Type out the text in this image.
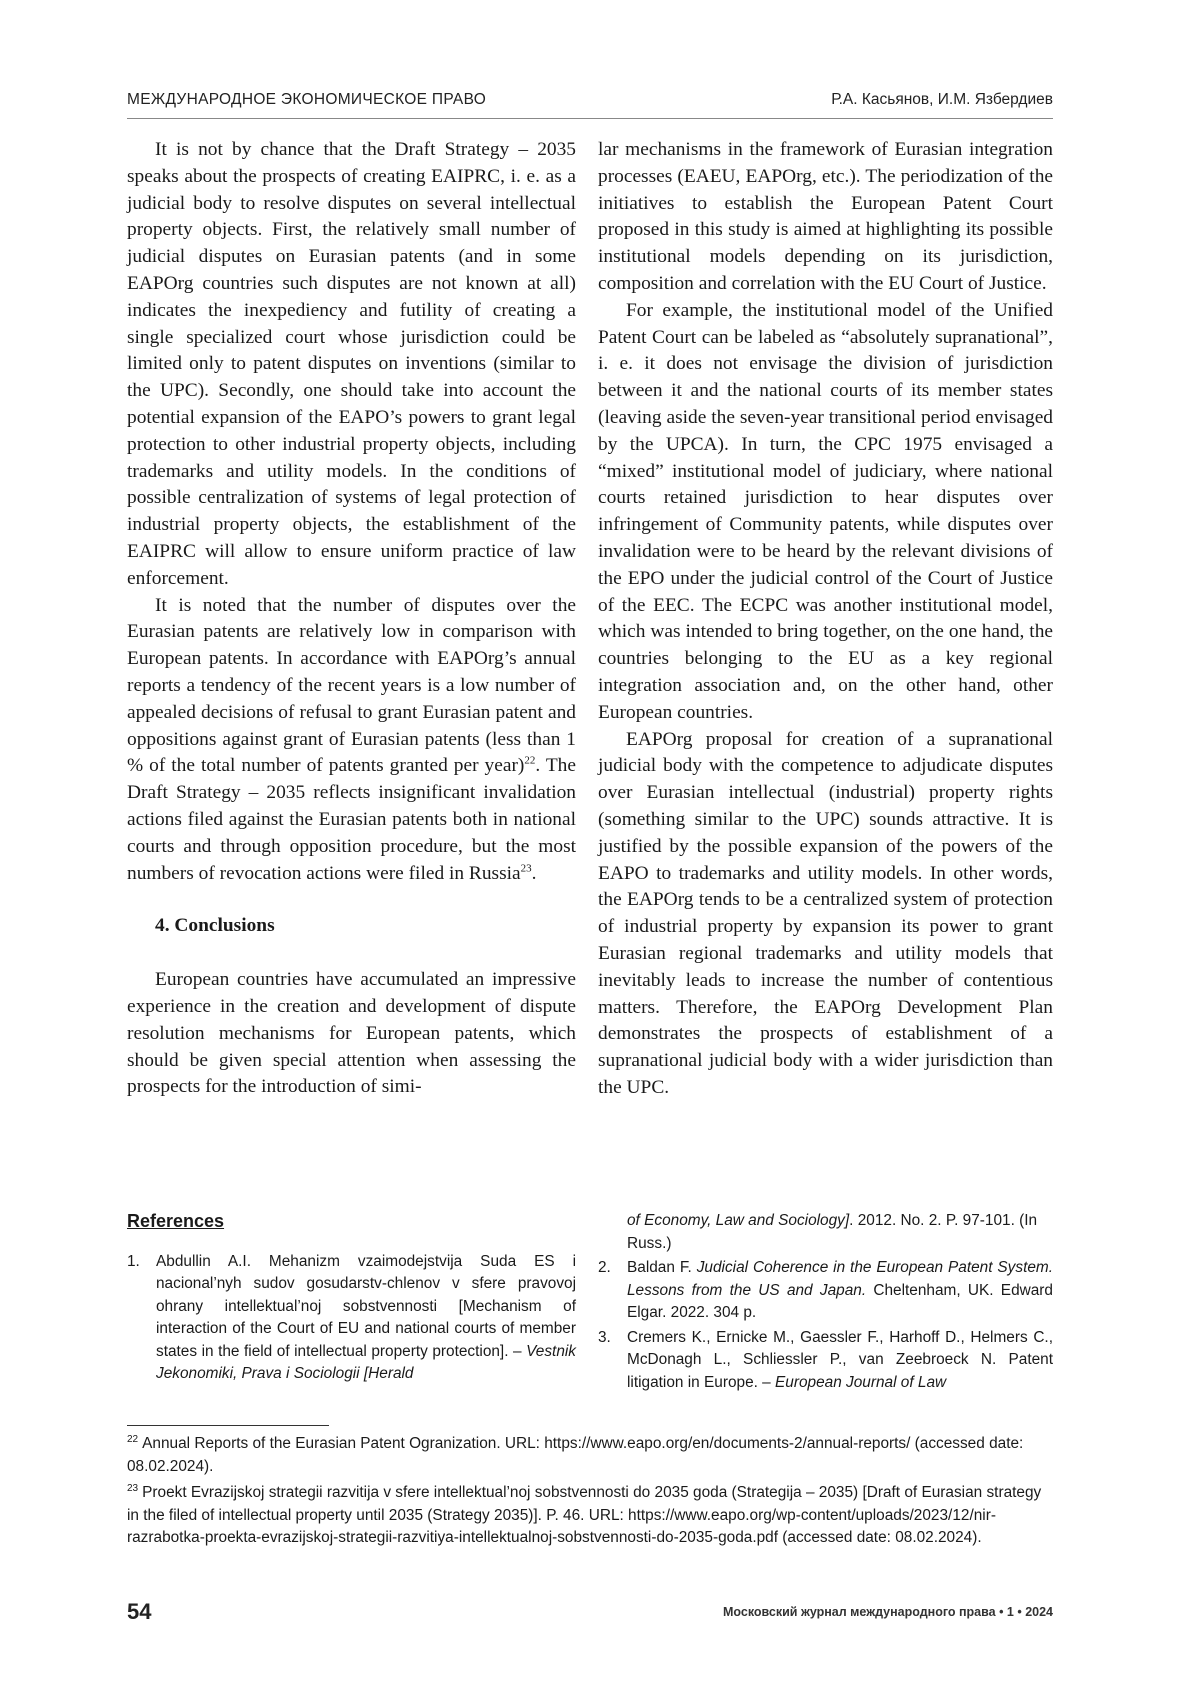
МЕЖДУНАРОДНОЕ ЭКОНОМИЧЕСКОЕ ПРАВО	Р.А. Касьянов, И.М. Язбердиев

It is not by chance that the Draft Strategy – 2035 speaks about the prospects of creating EAIPRC, i. e. as a judicial body to resolve disputes on several intellectual property objects. First, the relatively small number of judicial disputes on Eurasian patents (and in some EAPOrg countries such disputes are not known at all) indicates the inexpediency and futility of creating a single specialized court whose jurisdiction could be limited only to patent disputes on inventions (similar to the UPC). Secondly, one should take into account the potential expansion of the EAPO’s powers to grant legal protection to other industrial property objects, including trademarks and utility models. In the conditions of possible centralization of systems of legal protection of industrial property objects, the establishment of the EAIPRC will allow to ensure uniform practice of law enforcement.

It is noted that the number of disputes over the Eurasian patents are relatively low in comparison with European patents. In accordance with EAPOrg’s annual reports a tendency of the recent years is a low number of appealed decisions of refusal to grant Eurasian patent and oppositions against grant of Eurasian patents (less than 1 % of the total number of patents granted per year)$^{22}$. The Draft Strategy – 2035 reflects insignificant invalidation actions filed against the Eurasian patents both in national courts and through opposition procedure, but the most numbers of revocation actions were filed in Russia$^{23}$.

4. Conclusions

European countries have accumulated an impressive experience in the creation and development of dispute resolution mechanisms for European patents, which should be given special attention when assessing the prospects for the introduction of simi-

lar mechanisms in the framework of Eurasian integration processes (EAEU, EAPOrg, etc.). The periodization of the initiatives to establish the European Patent Court proposed in this study is aimed at highlighting its possible institutional models depending on its jurisdiction, composition and correlation with the EU Court of Justice.

For example, the institutional model of the Unified Patent Court can be labeled as “absolutely supranational”, i. e. it does not envisage the division of jurisdiction between it and the national courts of its member states (leaving aside the seven-year transitional period envisaged by the UPCA). In turn, the CPC 1975 envisaged a “mixed” institutional model of judiciary, where national courts retained jurisdiction to hear disputes over infringement of Community patents, while disputes over invalidation were to be heard by the relevant divisions of the EPO under the judicial control of the Court of Justice of the EEC. The ECPC was another institutional model, which was intended to bring together, on the one hand, the countries belonging to the EU as a key regional integration association and, on the other hand, other European countries.

EAPOrg proposal for creation of a supranational judicial body with the competence to adjudicate disputes over Eurasian intellectual (industrial) property rights (something similar to the UPC) sounds attractive. It is justified by the possible expansion of the powers of the EAPO to trademarks and utility models. In other words, the EAPOrg tends to be a centralized system of protection of industrial property by expansion its power to grant Eurasian regional trademarks and utility models that inevitably leads to increase the number of contentious matters. Therefore, the EAPOrg Development Plan demonstrates the prospects of establishment of a supranational judicial body with a wider jurisdiction than the UPC.

References
1. Abdullin A.I. Mehanizm vzaimodejstvija Suda ES i nacional’nyh sudov gosudarstv-chlenov v sfere pravovoj ohrany intellektual’noj sobstvennosti [Mechanism of interaction of the Court of EU and national courts of member states in the field of intellectual property protection]. – Vestnik Jekonomiki, Prava i Sociologii [Herald
of Economy, Law and Sociology]. 2012. No. 2. P. 97-101. (In Russ.)
2. Baldan F. Judicial Coherence in the European Patent System. Lessons from the US and Japan. Cheltenham, UK. Edward Elgar. 2022. 304 p.
3. Cremers K., Ernicke M., Gaessler F., Harhoff D., Helmers C., McDonagh L., Schliessler P., van Zeebroeck N. Patent litigation in Europe. – European Journal of Law

$^{22}$ Annual Reports of the Eurasian Patent Ogranization. URL: https://www.eapo.org/en/documents-2/annual-reports/ (accessed date: 08.02.2024).

$^{23}$ Proekt Evrazijskoj strategii razvitija v sfere intellektual’noj sobstvennosti do 2035 goda (Strategija – 2035) [Draft of Eurasian strategy in the filed of intellectual property until 2035 (Strategy 2035)]. P. 46. URL: https://www.eapo.org/wp-content/uploads/2023/12/nir-razrabotka-proekta-evrazijskoj-strategii-razvitiya-intellektualnoj-sobstvennosti-do-2035-goda.pdf (accessed date: 08.02.2024).

54	Московский журнал международного права • 1 • 2024
